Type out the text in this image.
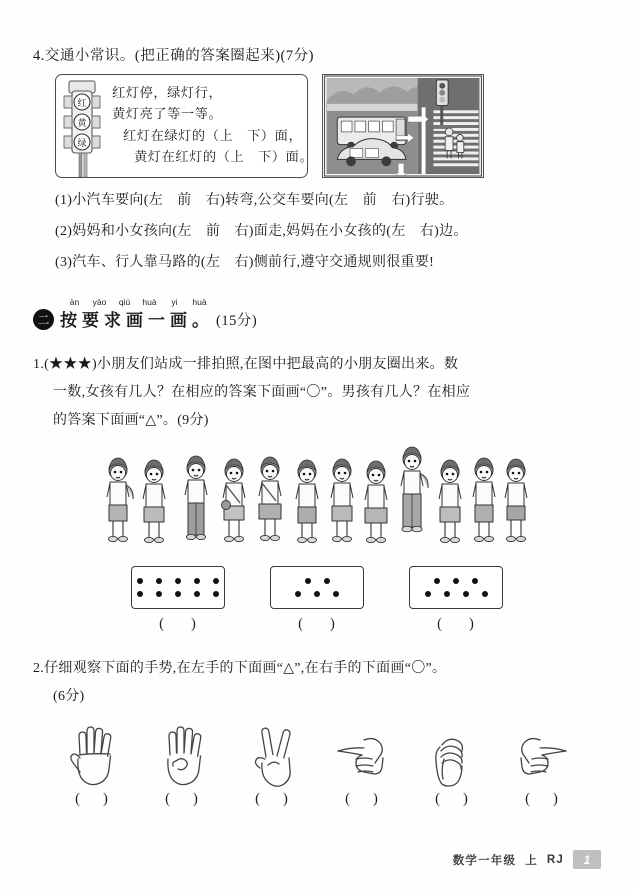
4.交通小常识。(把正确的答案圈起来)(7分)
红
黄
绿
红灯停，绿灯行，
黄灯亮了等一等。
红灯在绿灯的（上　下）面，
黄灯在红灯的（上　下）面。
(1)小汽车要向(左　前　右)转弯,公交车要向(左　前　右)行驶。
(2)妈妈和小女孩向(左　前　右)面走,妈妈在小女孩的(左　右)边。
(3)汽车、行人靠马路的(左　右)侧前行,遵守交通规则很重要!
二
àn	yāo	qiú	huà	yi	huà
按要求画一画。 (15分)
1.(★★★)小朋友们站成一排拍照,在图中把最高的小朋友圈出来。数
一数,女孩有几人？在相应的答案下面画“〇”。男孩有几人？在相应
的答案下面画“△”。(9分)
( )	( )	( )
2.仔细观察下面的手势,在左手的下面画“△”,在右手的下面画“〇”。
(6分)
( )	( )	( )	( )	( )	( )
数学一年级 上 RJ	1
